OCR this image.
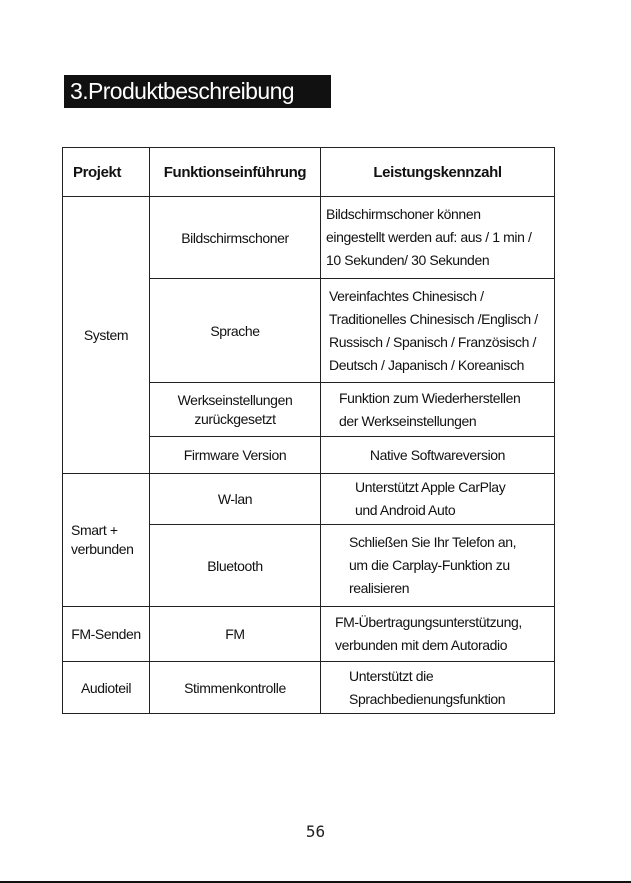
3.Produktbeschreibung
Projekt	Funktionseinführung	Leistungskennzahl

System	Bildschirmschoner	Bildschirmschoner können
eingestellt werden auf: aus / 1 min /
10 Sekunden/ 30 Sekunden

	Sprache	Vereinfachtes Chinesisch /
Traditionelles Chinesisch /Englisch /
Russisch / Spanisch / Französisch /
Deutsch / Japanisch / Koreanisch

	Werkseinstellungen
zurückgesetzt	Funktion zum Wiederherstellen
der Werkseinstellungen

	Firmware Version	Native Softwareversion

Smart +
verbunden	W-lan	Unterstützt Apple CarPlay
und Android Auto

	Bluetooth	Schließen Sie Ihr Telefon an,
um die Carplay-Funktion zu
realisieren

FM-Senden	FM	FM-Übertragungsunterstützung,
verbunden mit dem Autoradio

Audioteil	Stimmenkontrolle	Unterstützt die
Sprachbedienungsfunktion
56
